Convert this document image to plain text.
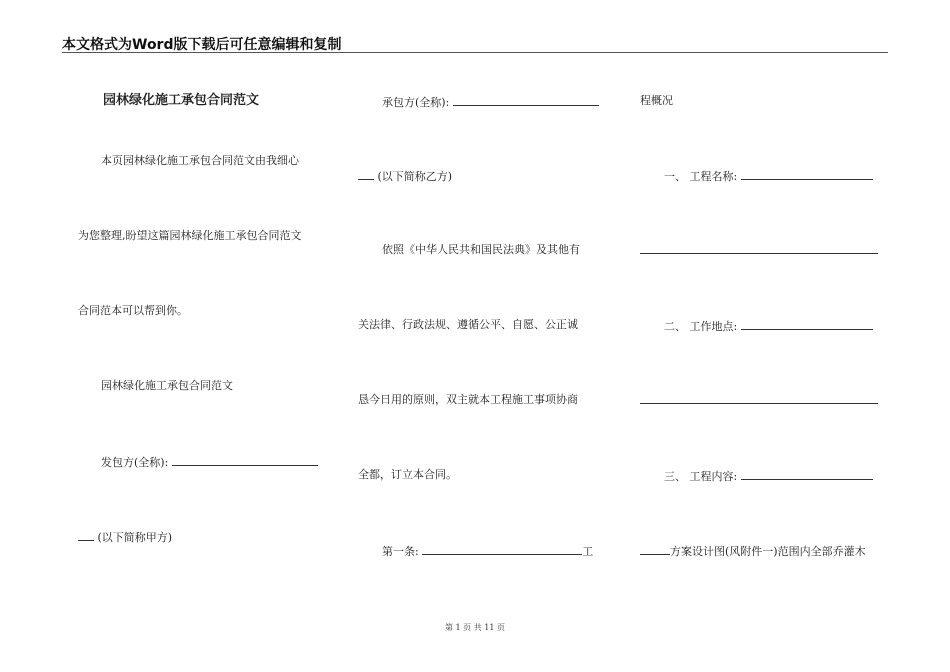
本文格式为Word版下载后可任意编辑和复制
园林绿化施工承包合同范文
本页园林绿化施工承包合同范文由我细心
为您整理,盼望这篇园林绿化施工承包合同范文
合同范本可以帮到你。
园林绿化施工承包合同范文
发包方(全称):
(以下简称甲方)
承包方(全称):
(以下简称乙方)
依照《中华人民共和国民法典》及其他有
关法律、行政法规、遵循公平、自愿、公正诚
恳今日用的原则，双主就本工程施工事项协商
全都，订立本合同。
第一条:	工
程概况
一、 工程名称:
二、 工作地点:
三、 工程内容:
方案设计图(风附件一)范围内全部乔灌木
第 1 页 共 11 页
